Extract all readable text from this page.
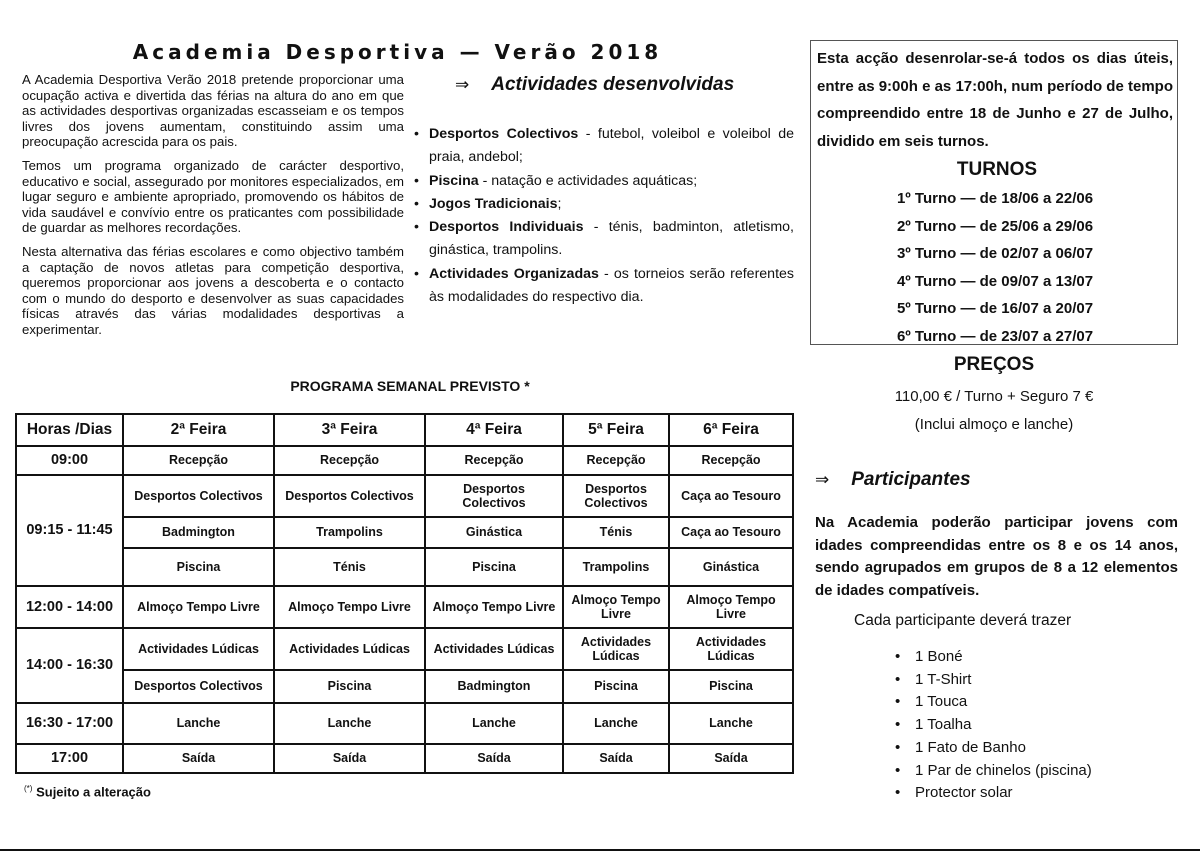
Academia Desportiva — Verão 2018

A Academia Desportiva Verão 2018 pretende proporcionar uma ocupação activa e divertida das férias na altura do ano em que as actividades desportivas organizadas escasseiam e os tempos livres dos jovens aumentam, constituindo assim uma preocupação acrescida para os pais.

Temos um programa organizado de carácter desportivo, educativo e social, assegurado por monitores especializados, em lugar seguro e ambiente apropriado, promovendo os hábitos de vida saudável e convívio entre os praticantes com possibilidade de guardar as melhores recordações.

Nesta alternativa das férias escolares e como objectivo também a captação de novos atletas para competição desportiva, queremos proporcionar aos jovens a descoberta e o contacto com o mundo do desporto e desenvolver as suas capacidades físicas através das várias modalidades desportivas a experimentar.

⇒ Actividades desenvolvidas
• Desportos Colectivos - futebol, voleibol e voleibol de praia, andebol;
• Piscina - natação e actividades aquáticas;
• Jogos Tradicionais;
• Desportos Individuais - ténis, badminton, atletismo, ginástica, trampolins.
• Actividades Organizadas - os torneios serão referentes às modalidades do respectivo dia.
Esta acção desenrolar-se-á todos os dias úteis, entre as 9:00h e as 17:00h, num período de tempo compreendido entre 18 de Junho e 27 de Julho, dividido em seis turnos.
TURNOS
1º Turno — de 18/06 a 22/06
2º Turno — de 25/06 a 29/06
3º Turno — de 02/07 a 06/07
4º Turno — de 09/07 a 13/07
5º Turno — de 16/07 a 20/07
6º Turno — de 23/07 a 27/07
PREÇOS
110,00 € / Turno + Seguro 7 €
(Inclui almoço e lanche)
⇒ Participantes
Na Academia poderão participar jovens com idades compreendidas entre os 8 e os 14 anos, sendo agrupados em grupos de 8 a 12 elementos de idades compatíveis.
Cada participante deverá trazer
• 1 Boné
• 1 T-Shirt
• 1 Touca
• 1 Toalha
• 1 Fato de Banho
• 1 Par de chinelos (piscina)
• Protector solar
PROGRAMA SEMANAL PREVISTO *
Horas /Dias	2ª Feira	3ª Feira	4ª Feira	5ª Feira	6ª Feira
09:00	Recepção	Recepção	Recepção	Recepção	Recepção
09:15 - 11:45	Desportos Colectivos	Desportos Colectivos	Desportos Colectivos	Desportos Colectivos	Caça ao Tesouro
	Badmington	Trampolins	Ginástica	Ténis	Caça ao Tesouro
	Piscina	Ténis	Piscina	Trampolins	Ginástica
12:00 - 14:00	Almoço Tempo Livre	Almoço Tempo Livre	Almoço Tempo Livre	Almoço Tempo Livre	Almoço Tempo Livre
14:00 - 16:30	Actividades Lúdicas	Actividades Lúdicas	Actividades Lúdicas	Actividades Lúdicas	Actividades Lúdicas
	Desportos Colectivos	Piscina	Badmington	Piscina	Piscina
16:30 - 17:00	Lanche	Lanche	Lanche	Lanche	Lanche
17:00	Saída	Saída	Saída	Saída	Saída
(*) Sujeito a alteração
